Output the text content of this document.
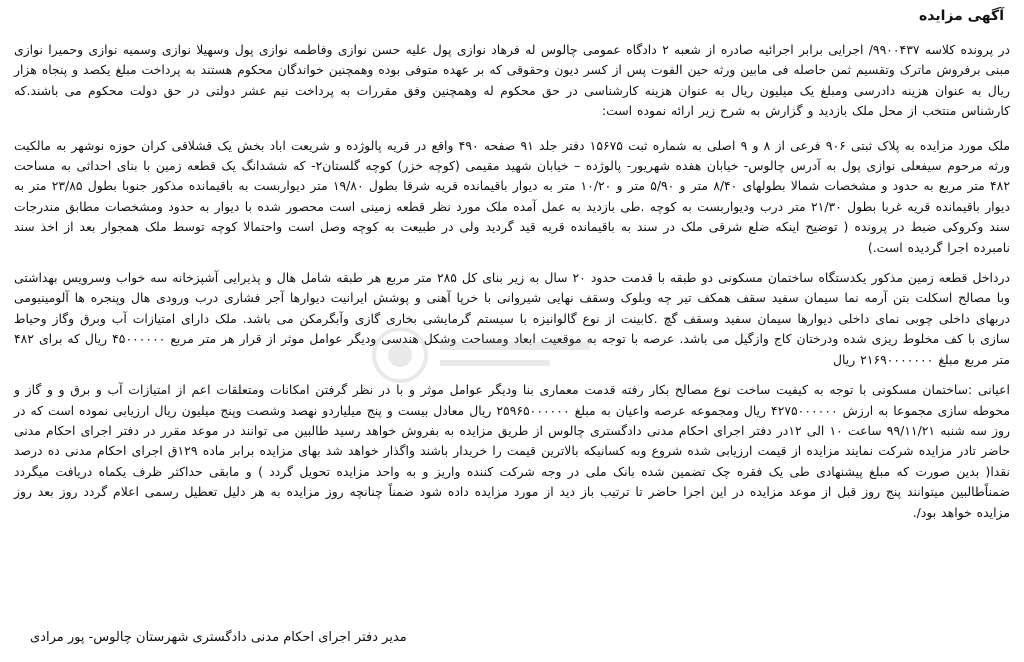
آگهی مزایده

در پرونده کلاسه ۹۹۰۰۴۳۷/ اجرایی برابر اجرائیه صادره از شعبه ۲ دادگاه عمومی چالوس له فرهاد نوازی پول علیه حسن نوازی وفاطمه نوازی پول وسهیلا نوازی وسمیه نوازی وحمیرا نوازی مبنی برفروش ماترک وتقسیم ثمن حاصله فی مابین ورثه حین الفوت پس از کسر دیون وحقوقی که بر عهده متوفی بوده وهمچنین خواندگان محکوم هستند به پرداخت مبلغ یکصد و پنجاه هزار ریال به عنوان هزینه دادرسی ومبلغ یک میلیون ریال به عنوان هزینه کارشناسی در حق محکوم له وهمچنین وفق مقررات به پرداخت نیم عشر دولتی در حق دولت محکوم می باشند.که کارشناس منتخب از محل ملک بازدید و گزارش به شرح زیر ارائه نموده است:

ملک مورد مزایده به پلاک ثبتی ۹۰۶ فرعی از ۸ و ۹ اصلی به شماره ثبت ۱۵۶۷۵ دفتر جلد ۹۱ صفحه ۴۹۰ واقع در قریه پالوژده و شریعت اباد بخش یک قشلاقی کران حوزه نوشهر به مالکیت ورثه مرحوم سیفعلی نوازی پول به آدرس چالوس- خیابان هفده شهریور- پالوژده – خیابان شهید مقیمی (کوچه خزر) کوچه گلستان۲- که ششدانگ یک قطعه زمین با بنای احداثی به مساحت ۴۸۲ متر مربع به حدود و مشخصات شمالا بطولهای ۸/۴۰ متر و ۵/۹۰ متر و ۱۰/۲۰ متر به دیوار باقیمانده قریه شرقا بطول ۱۹/۸۰ متر دیواربست به باقیمانده مذکور جنوبا بطول ۲۳/۸۵ متر به دیوار باقیمانده قریه غربا بطول ۲۱/۳۰ متر درب ودیواربست به کوچه .طی بازدید به عمل آمده ملک مورد نظر قطعه زمینی است محصور شده با دیوار به حدود ومشخصات مطابق مندرجات سند وکروکی ضبط در پرونده ( توضیح اینکه ضلع شرقی ملک در سند به باقیمانده قریه قید گردید ولی در طبیعت به کوچه وصل است واحتمالا کوچه توسط ملک همجوار بعد از اخذ سند نامبرده اجرا گردیده است.)

درداخل قطعه زمین مذکور یکدستگاه ساختمان مسکونی دو طبقه با قدمت حدود ۲۰ سال به زیر بنای کل ۲۸۵ متر مربع هر طبقه شامل هال و پذیرایی آشپزخانه سه خواب وسرویس بهداشتی وبا مصالح اسکلت بتن آرمه نما سیمان سفید سقف همکف تیر چه وبلوک وسقف نهایی شیروانی با خرپا آهنی و پوشش ایرانیت دیوارها آجر فشاری درب ورودی هال وپنجره ها آلومینیومی دربهای داخلی چوبی نمای داخلی دیوارها سیمان سفید وسقف گچ .کابینت از نوع گالوانیزه با سیستم گرمایشی بخاری گازی وآبگرمکن می باشد. ملک دارای امتیازات آب وبرق وگاز وحیاط سازی با کف مخلوط ریزی شده ودرختان کاج وازگیل می باشد. عرصه با توجه به موقعیت ابعاد ومساحت وشکل هندسی ودیگر عوامل موثر از قرار هر متر مربع ۴۵۰۰۰۰۰۰ ریال که برای ۴۸۲ متر مربع مبلغ ۲۱۶۹۰۰۰۰۰۰۰ ریال

اعیانی :ساختمان مسکونی با توجه به کیفیت ساخت نوع مصالح بکار رفته قدمت معماری بنا ودیگر عوامل موثر و با در نظر گرفتن امکانات ومتعلقات اعم از امتیازات آب و برق و و گاز و محوطه سازی مجموعا به ارزش ۴۲۷۵۰۰۰۰۰۰ ریال ومجموعه عرصه واعیان به مبلغ ۲۵۹۶۵۰۰۰۰۰۰ ریال معادل بیست و پنج میلیاردو نهصد وشصت وپنج میلیون ریال ارزیابی نموده است که در روز سه شنبه ۹۹/۱۱/۲۱ ساعت ۱۰ الی ۱۲در دفتر اجرای احکام مدنی دادگستری چالوس از طریق مزایده به بفروش خواهد رسید طالبین می توانند در موعد مقرر در دفتر اجرای احکام مدنی حاضر تادر مزایده شرکت نمایند مزایده از قیمت ارزیابی شده شروع وبه کسانیکه بالاترین قیمت را خریدار باشند واگذار خواهد شد بهای مزایده برابر ماده ۱۲۹ق اجرای احکام مدنی ده درصد نقدا( بدین صورت که مبلغ پیشنهادی طی یک فقره چک تضمین شده بانک ملی در وجه شرکت کننده واریز و به واحد مزایده تحویل گردد ) و مابقی حداکثر ظرف یکماه دریافت میگردد ضمناًطالبین میتوانند پنج روز قبل از موعد مزایده در این اجرا حاضر تا ترتیب باز دید از مورد مزایده داده شود ضمناً چنانچه روز مزایده به هر دلیل تعطیل رسمی اعلام گردد روز بعد روز مزایده خواهد بود/.

مدیر دفتر اجرای احکام مدنی دادگستری شهرستان چالوس- پور مرادی
